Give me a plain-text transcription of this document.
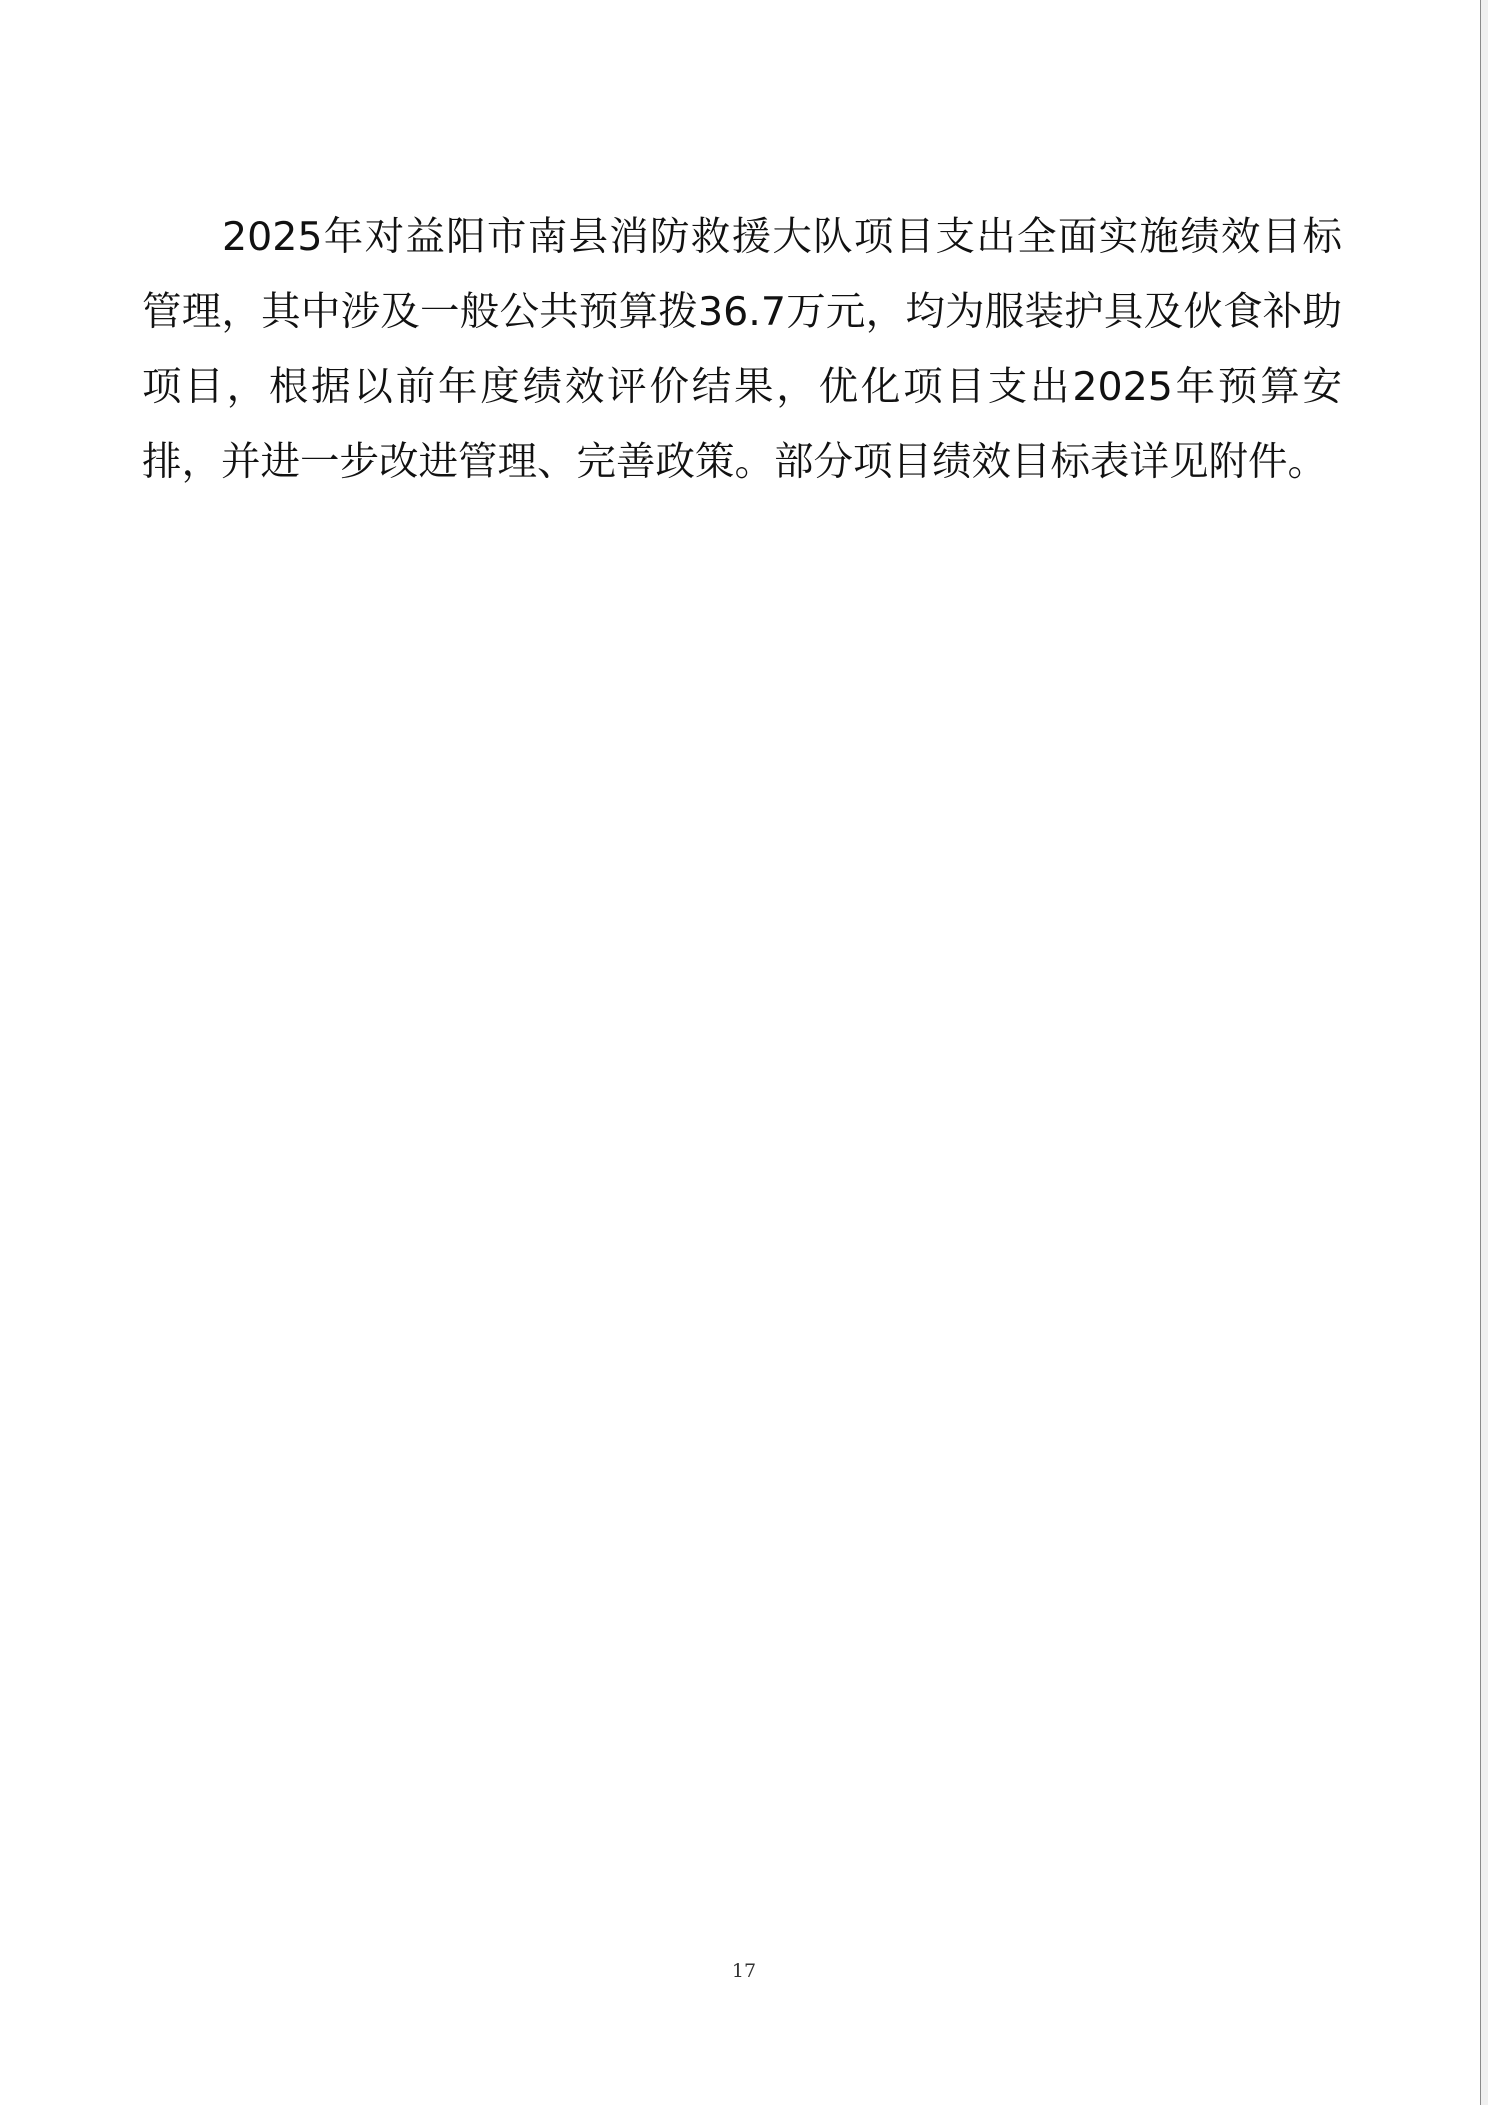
2025年对益阳市南县消防救援大队项目支出全面实施绩效目标管理，其中涉及一般公共预算拨36.7万元，均为服装护具及伙食补助项目，根据以前年度绩效评价结果，优化项目支出2025年预算安排，并进一步改进管理、完善政策。部分项目绩效目标表详见附件。

17
